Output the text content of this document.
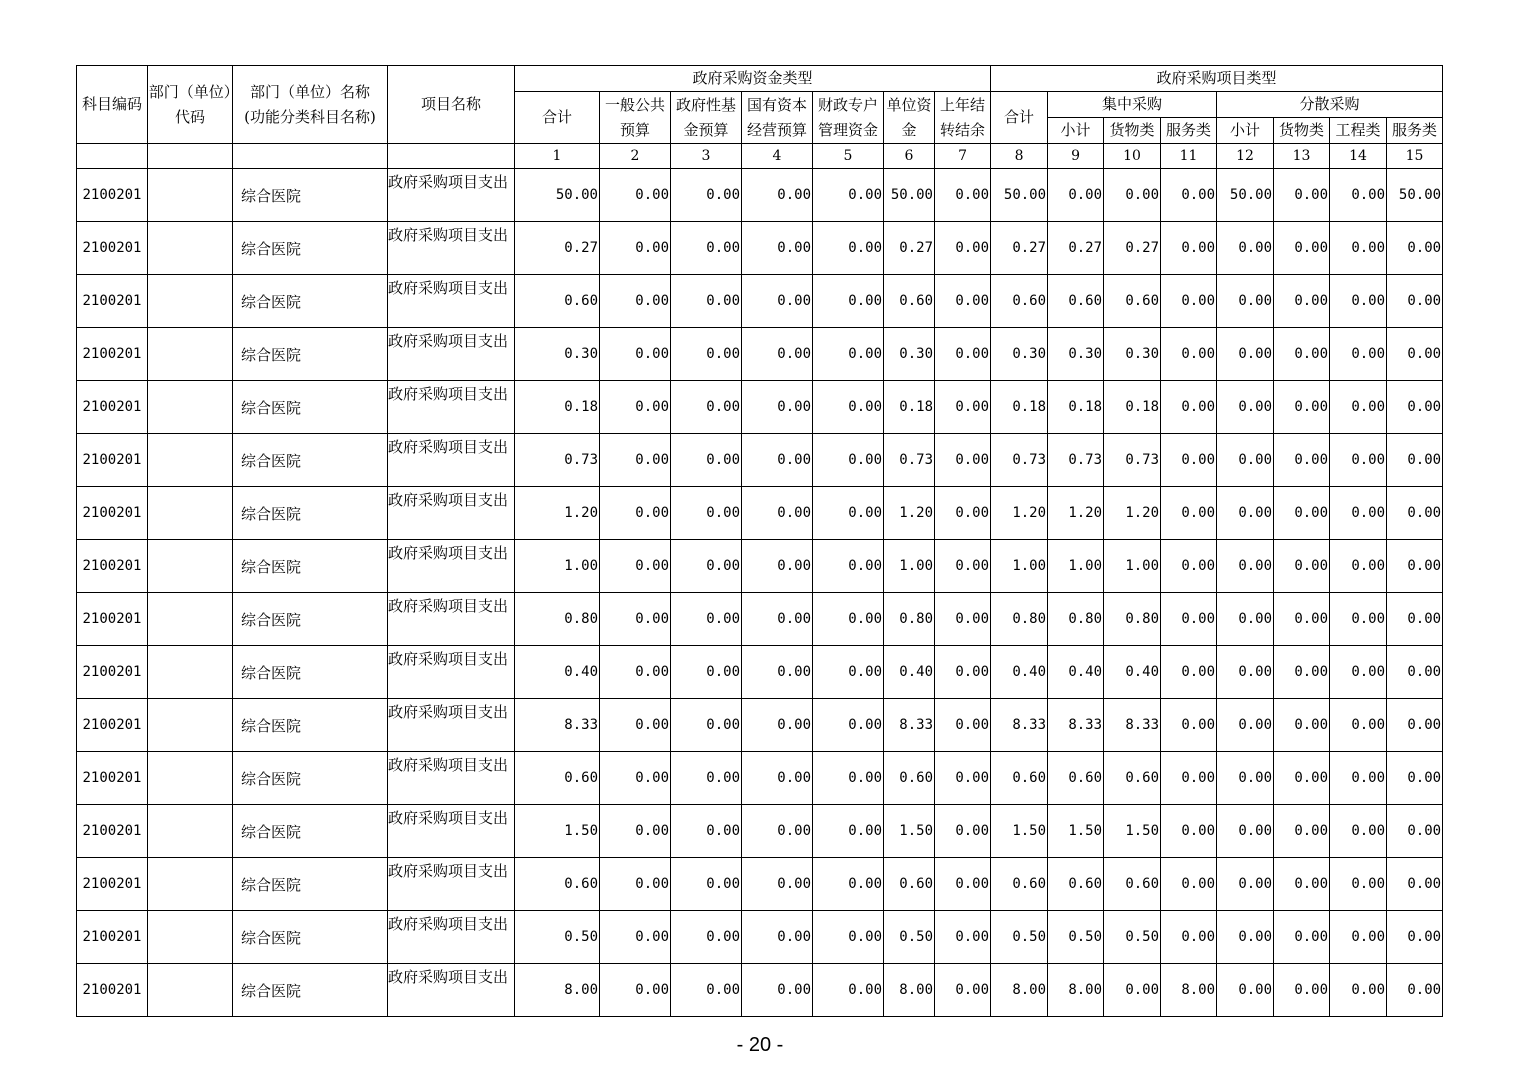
科目编码	部门（单位）代码	部门（单位）名称
(功能分类科目名称)	项目名称	政府采购资金类型							政府采购项目类型							
				合计	一般公共预算	政府性基金预算	国有资本经营预算	财政专户管理资金	单位资金	上年结转结余	合计	集中采购			分散采购			
												小计	货物类	服务类	小计	货物类	工程类	服务类
				1	2	3	4	5	6	7	8	9	10	11	12	13	14	15
2100201		综合医院	政府采购项目支出	50.00	0.00	0.00	0.00	0.00	50.00	0.00	50.00	0.00	0.00	0.00	50.00	0.00	0.00	50.00
2100201		综合医院	政府采购项目支出	0.27	0.00	0.00	0.00	0.00	0.27	0.00	0.27	0.27	0.27	0.00	0.00	0.00	0.00	0.00
2100201		综合医院	政府采购项目支出	0.60	0.00	0.00	0.00	0.00	0.60	0.00	0.60	0.60	0.60	0.00	0.00	0.00	0.00	0.00
2100201		综合医院	政府采购项目支出	0.30	0.00	0.00	0.00	0.00	0.30	0.00	0.30	0.30	0.30	0.00	0.00	0.00	0.00	0.00
2100201		综合医院	政府采购项目支出	0.18	0.00	0.00	0.00	0.00	0.18	0.00	0.18	0.18	0.18	0.00	0.00	0.00	0.00	0.00
2100201		综合医院	政府采购项目支出	0.73	0.00	0.00	0.00	0.00	0.73	0.00	0.73	0.73	0.73	0.00	0.00	0.00	0.00	0.00
2100201		综合医院	政府采购项目支出	1.20	0.00	0.00	0.00	0.00	1.20	0.00	1.20	1.20	1.20	0.00	0.00	0.00	0.00	0.00
2100201		综合医院	政府采购项目支出	1.00	0.00	0.00	0.00	0.00	1.00	0.00	1.00	1.00	1.00	0.00	0.00	0.00	0.00	0.00
2100201		综合医院	政府采购项目支出	0.80	0.00	0.00	0.00	0.00	0.80	0.00	0.80	0.80	0.80	0.00	0.00	0.00	0.00	0.00
2100201		综合医院	政府采购项目支出	0.40	0.00	0.00	0.00	0.00	0.40	0.00	0.40	0.40	0.40	0.00	0.00	0.00	0.00	0.00
2100201		综合医院	政府采购项目支出	8.33	0.00	0.00	0.00	0.00	8.33	0.00	8.33	8.33	8.33	0.00	0.00	0.00	0.00	0.00
2100201		综合医院	政府采购项目支出	0.60	0.00	0.00	0.00	0.00	0.60	0.00	0.60	0.60	0.60	0.00	0.00	0.00	0.00	0.00
2100201		综合医院	政府采购项目支出	1.50	0.00	0.00	0.00	0.00	1.50	0.00	1.50	1.50	1.50	0.00	0.00	0.00	0.00	0.00
2100201		综合医院	政府采购项目支出	0.60	0.00	0.00	0.00	0.00	0.60	0.00	0.60	0.60	0.60	0.00	0.00	0.00	0.00	0.00
2100201		综合医院	政府采购项目支出	0.50	0.00	0.00	0.00	0.00	0.50	0.00	0.50	0.50	0.50	0.00	0.00	0.00	0.00	0.00
2100201		综合医院	政府采购项目支出	8.00	0.00	0.00	0.00	0.00	8.00	0.00	8.00	8.00	0.00	8.00	0.00	0.00	0.00	0.00
- 20 -
